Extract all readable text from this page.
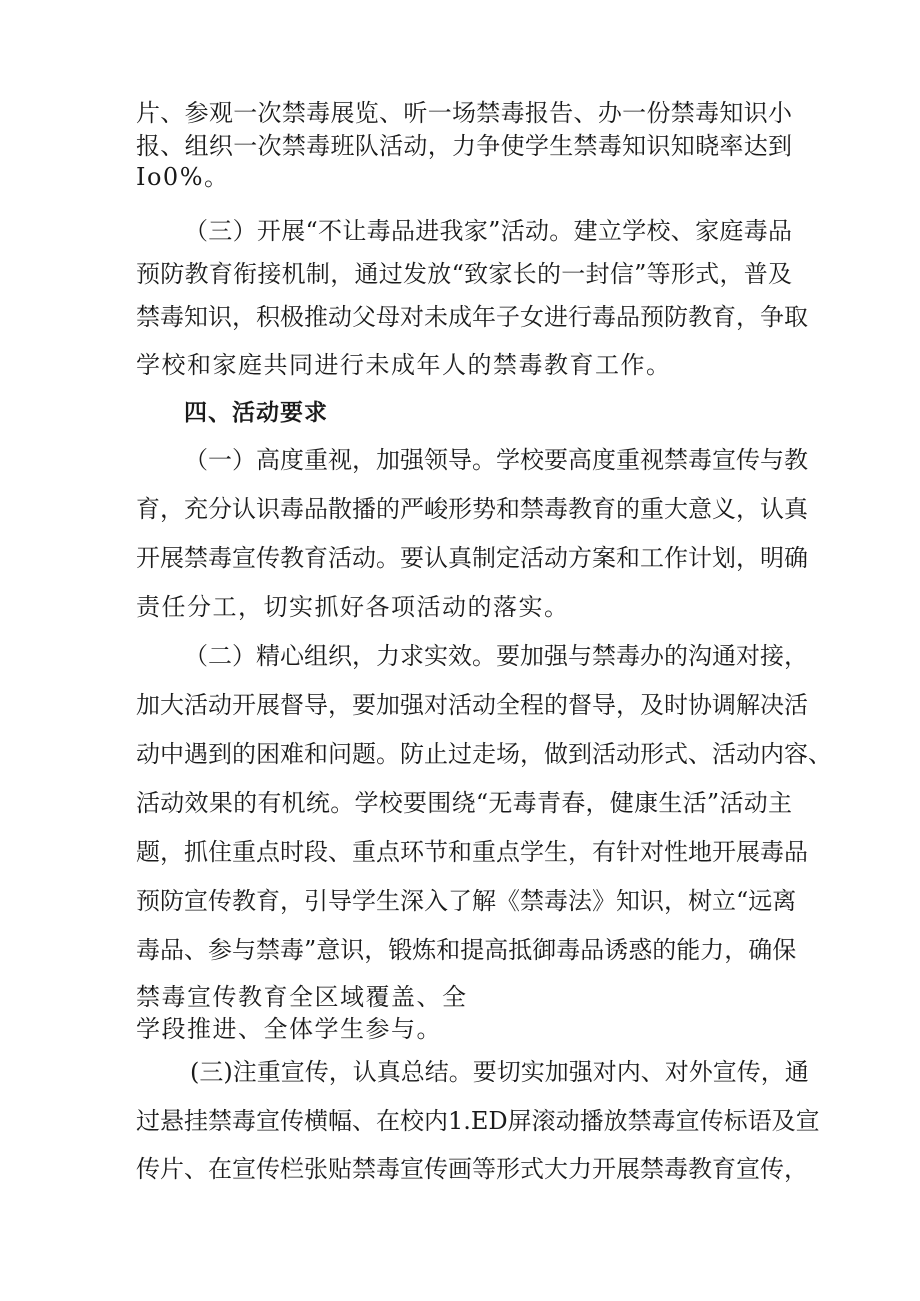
片、参观一次禁毒展览、听一场禁毒报告、办一份禁毒知识小
报、组织一次禁毒班队活动，力争使学生禁毒知识知晓率达到
Io0%。
（三）开展“不让毒品进我家”活动。建立学校、家庭毒品
预防教育衔接机制，通过发放“致家长的一封信”等形式，普及
禁毒知识，积极推动父母对未成年子女进行毒品预防教育，争取
学校和家庭共同进行未成年人的禁毒教育工作。
四、活动要求
（一）高度重视，加强领导。学校要高度重视禁毒宣传与教
育，充分认识毒品散播的严峻形势和禁毒教育的重大意义，认真
开展禁毒宣传教育活动。要认真制定活动方案和工作计划，明确
责任分工，切实抓好各项活动的落实。
（二）精心组织，力求实效。要加强与禁毒办的沟通对接，
加大活动开展督导，要加强对活动全程的督导，及时协调解决活
动中遇到的困难和问题。防止过走场，做到活动形式、活动内容、
活动效果的有机统。学校要围绕“无毒青春，健康生活”活动主
题，抓住重点时段、重点环节和重点学生，有针对性地开展毒品
预防宣传教育，引导学生深入了解《禁毒法》知识，树立“远离
毒品、参与禁毒”意识，锻炼和提高抵御毒品诱惑的能力，确保
禁毒宣传教育全区域覆盖、全
学段推进、全体学生参与。
(三)注重宣传，认真总结。要切实加强对内、对外宣传，通
过悬挂禁毒宣传横幅、在校内1.ED屏滚动播放禁毒宣传标语及宣
传片、在宣传栏张贴禁毒宣传画等形式大力开展禁毒教育宣传，
